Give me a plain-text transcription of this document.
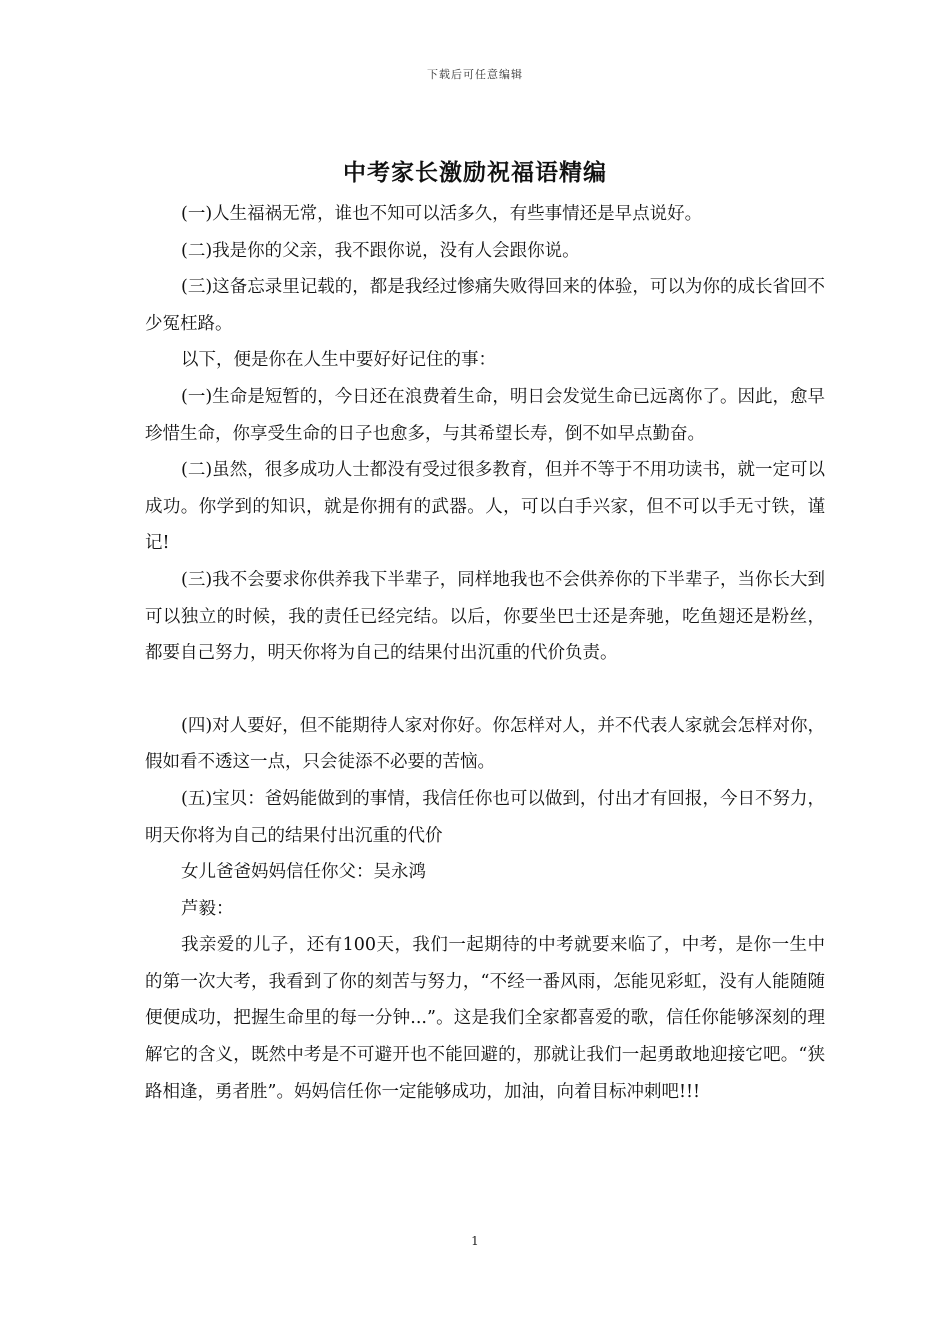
下载后可任意编辑
中考家长激励祝福语精编

(一)人生福祸无常，谁也不知可以活多久，有些事情还是早点说好。

(二)我是你的父亲，我不跟你说，没有人会跟你说。

(三)这备忘录里记载的，都是我经过惨痛失败得回来的体验，可以为你的成长省回不少冤枉路。

以下，便是你在人生中要好好记住的事：

(一)生命是短暂的，今日还在浪费着生命，明日会发觉生命已远离你了。因此，愈早珍惜生命，你享受生命的日子也愈多，与其希望长寿，倒不如早点勤奋。

(二)虽然，很多成功人士都没有受过很多教育，但并不等于不用功读书，就一定可以成功。你学到的知识，就是你拥有的武器。人，可以白手兴家，但不可以手无寸铁，谨记!

(三)我不会要求你供养我下半辈子，同样地我也不会供养你的下半辈子，当你长大到可以独立的时候，我的责任已经完结。以后，你要坐巴士还是奔驰，吃鱼翅还是粉丝，都要自己努力，明天你将为自己的结果付出沉重的代价负责。

(四)对人要好，但不能期待人家对你好。你怎样对人，并不代表人家就会怎样对你，假如看不透这一点，只会徒添不必要的苦恼。

(五)宝贝：爸妈能做到的事情，我信任你也可以做到，付出才有回报，今日不努力，明天你将为自己的结果付出沉重的代价

女儿爸爸妈妈信任你父：吴永鸿

芦毅：

我亲爱的儿子，还有100天，我们一起期待的中考就要来临了，中考，是你一生中的第一次大考，我看到了你的刻苦与努力，“不经一番风雨，怎能见彩虹，没有人能随随便便成功，把握生命里的每一分钟...”。这是我们全家都喜爱的歌，信任你能够深刻的理解它的含义，既然中考是不可避开也不能回避的，那就让我们一起勇敢地迎接它吧。“狭路相逢，勇者胜”。妈妈信任你一定能够成功，加油，向着目标冲刺吧!!!

1
